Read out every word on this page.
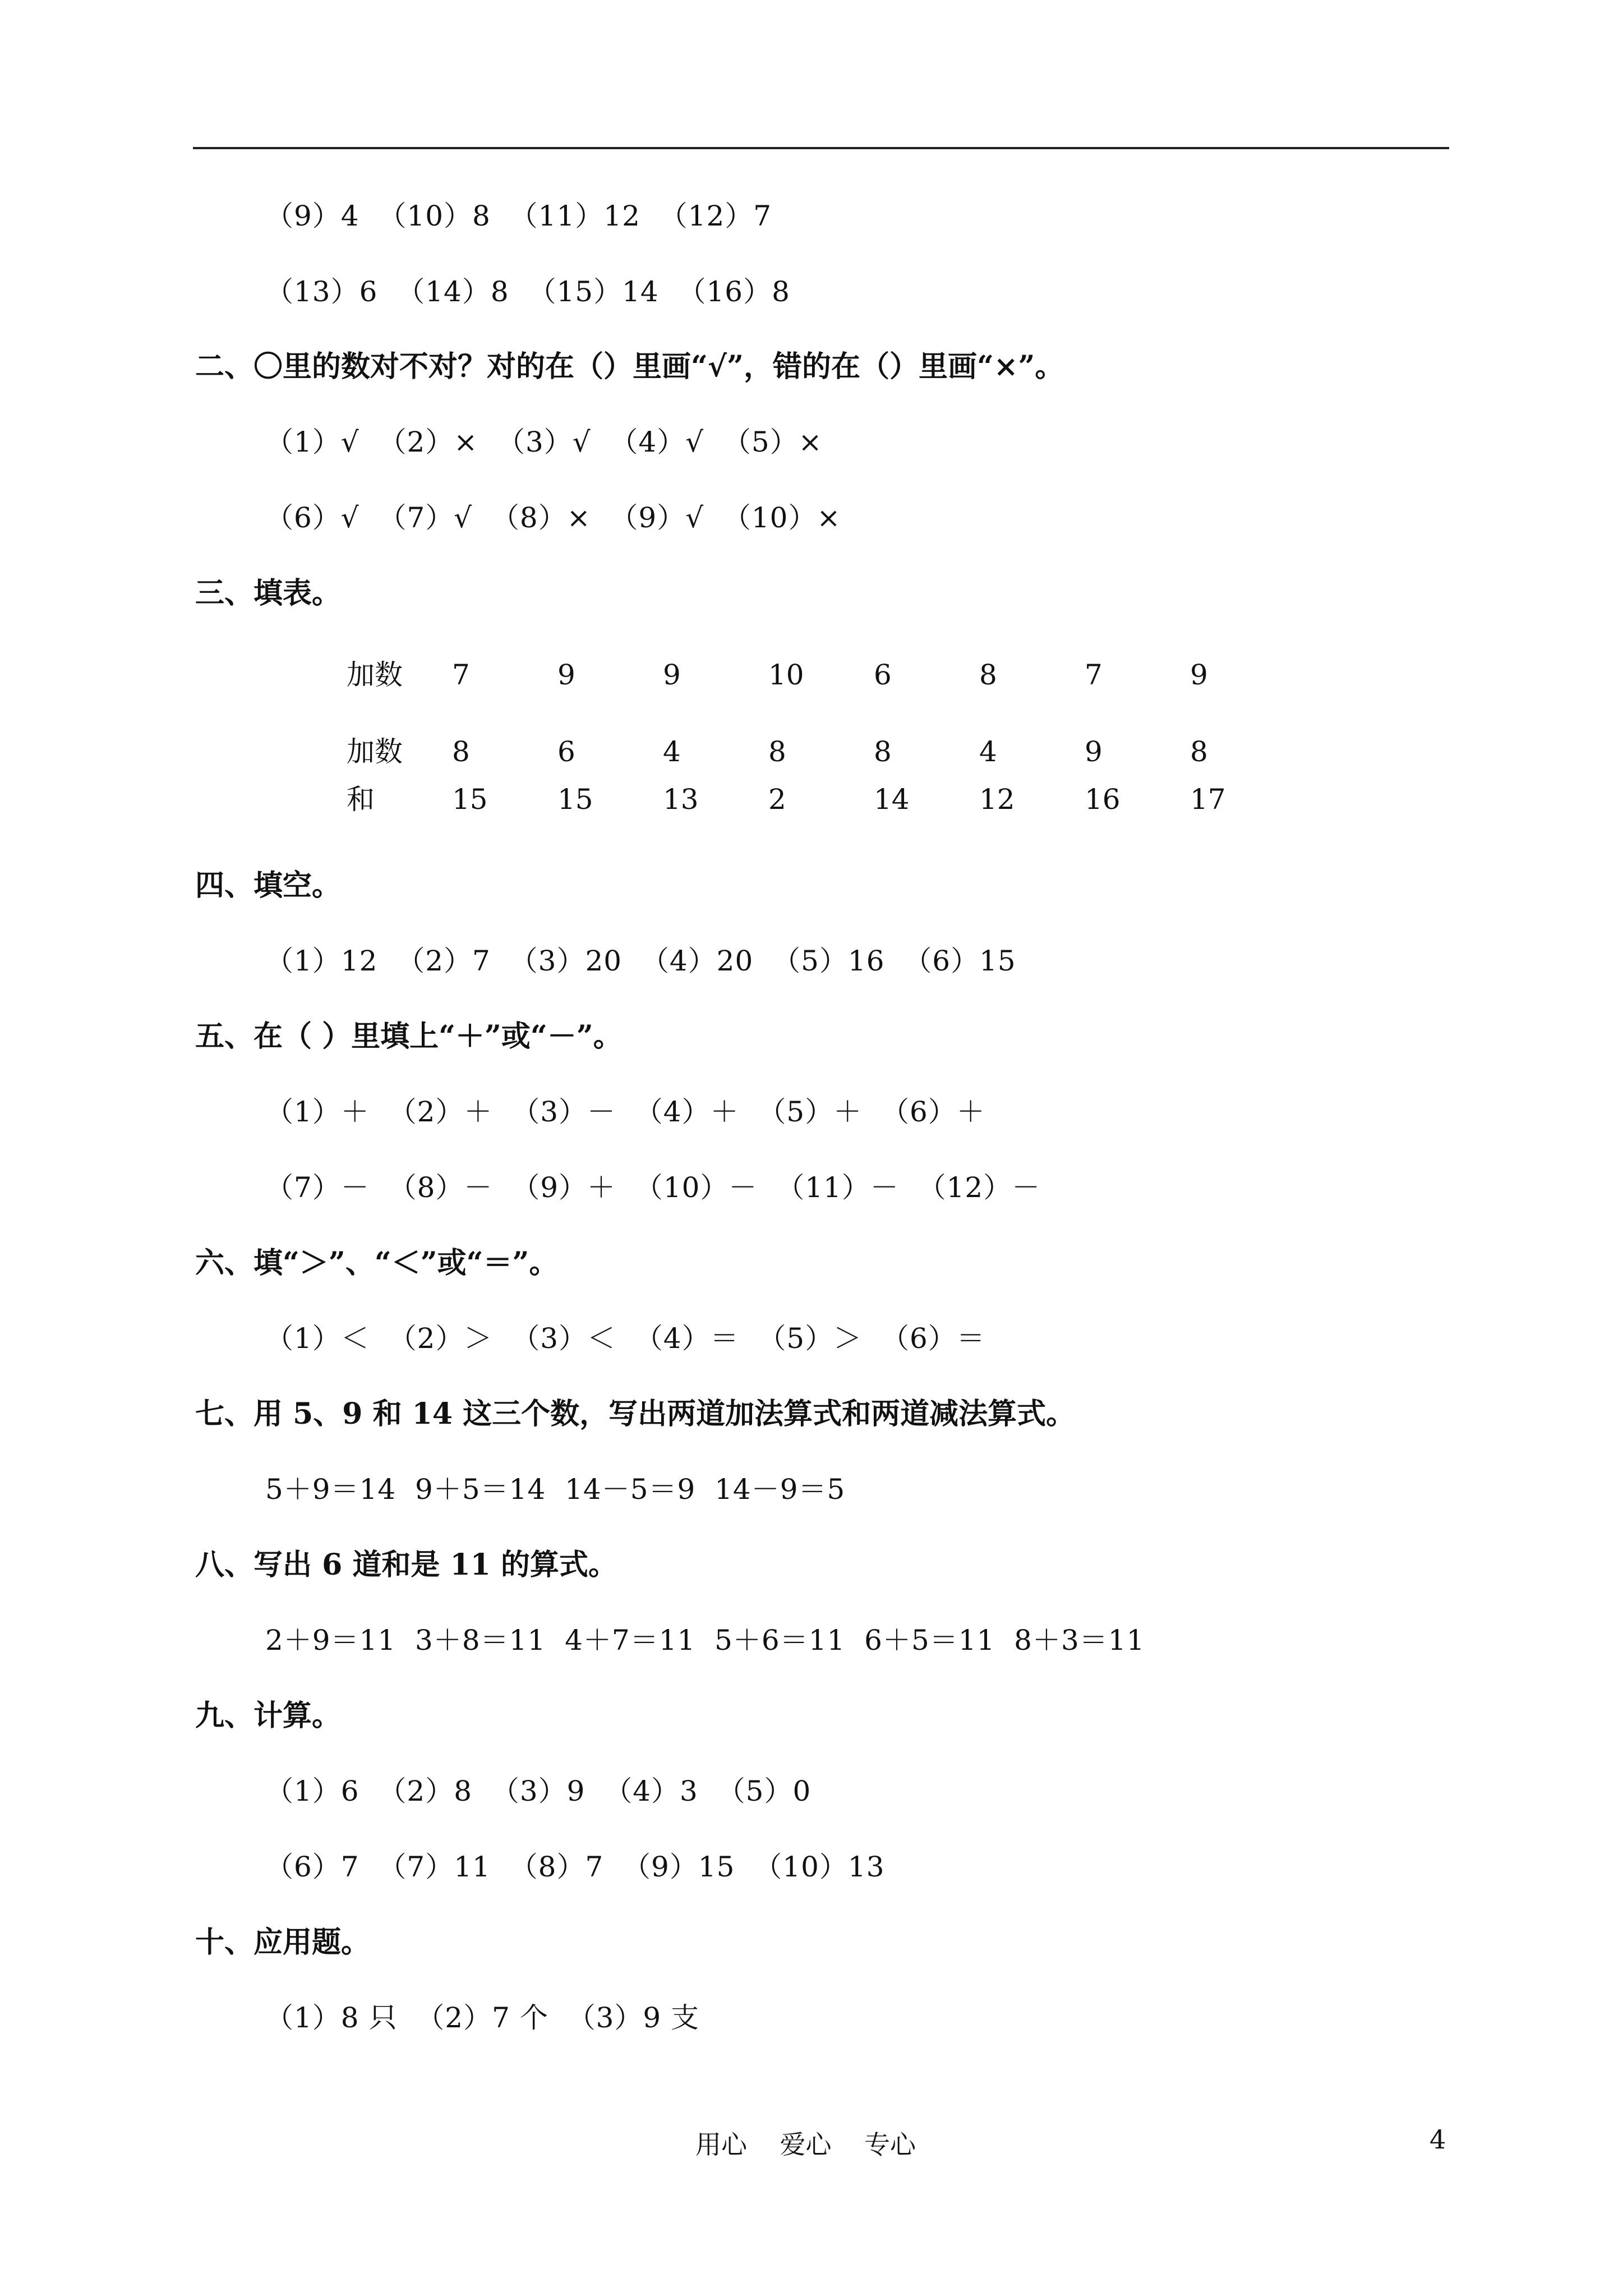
（9）4  （10）8  （11）12  （12）7
（13）6  （14）8  （15）14  （16）8
二、〇里的数对不对？对的在（）里画“√”，错的在（）里画“×”。
（1）√  （2）×  （3）√  （4）√  （5）×
（6）√  （7）√  （8）×  （9）√  （10）×
三、填表。
加数 7	9	9	10 6	8	7	9
加数 8	6	4	8	8	4	9	8
和	15 15 13 2	14 12 16 17
四、填空。
（1）12  （2）7  （3）20  （4）20  （5）16  （6）15
五、在（ ）里填上“＋”或“－”。
（1）＋  （2）＋  （3）－  （4）＋  （5）＋  （6）＋
（7）－  （8）－  （9）＋  （10）－  （11）－  （12）－
六、填“＞”、“＜”或“＝”。
（1）＜  （2）＞  （3）＜  （4）＝  （5）＞  （6）＝
七、用 5、9 和 14 这三个数，写出两道加法算式和两道减法算式。
5＋9＝14  9＋5＝14  14－5＝9  14－9＝5
八、写出 6 道和是 11 的算式。
2＋9＝11  3＋8＝11  4＋7＝11  5＋6＝11  6＋5＝11  8＋3＝11
九、计算。
（1）6  （2）8  （3）9  （4）3  （5）0
（6）7  （7）11  （8）7  （9）15  （10）13
十、应用题。
（1）8 只  （2）7 个  （3）9 支
用心    爱心    专心	4
